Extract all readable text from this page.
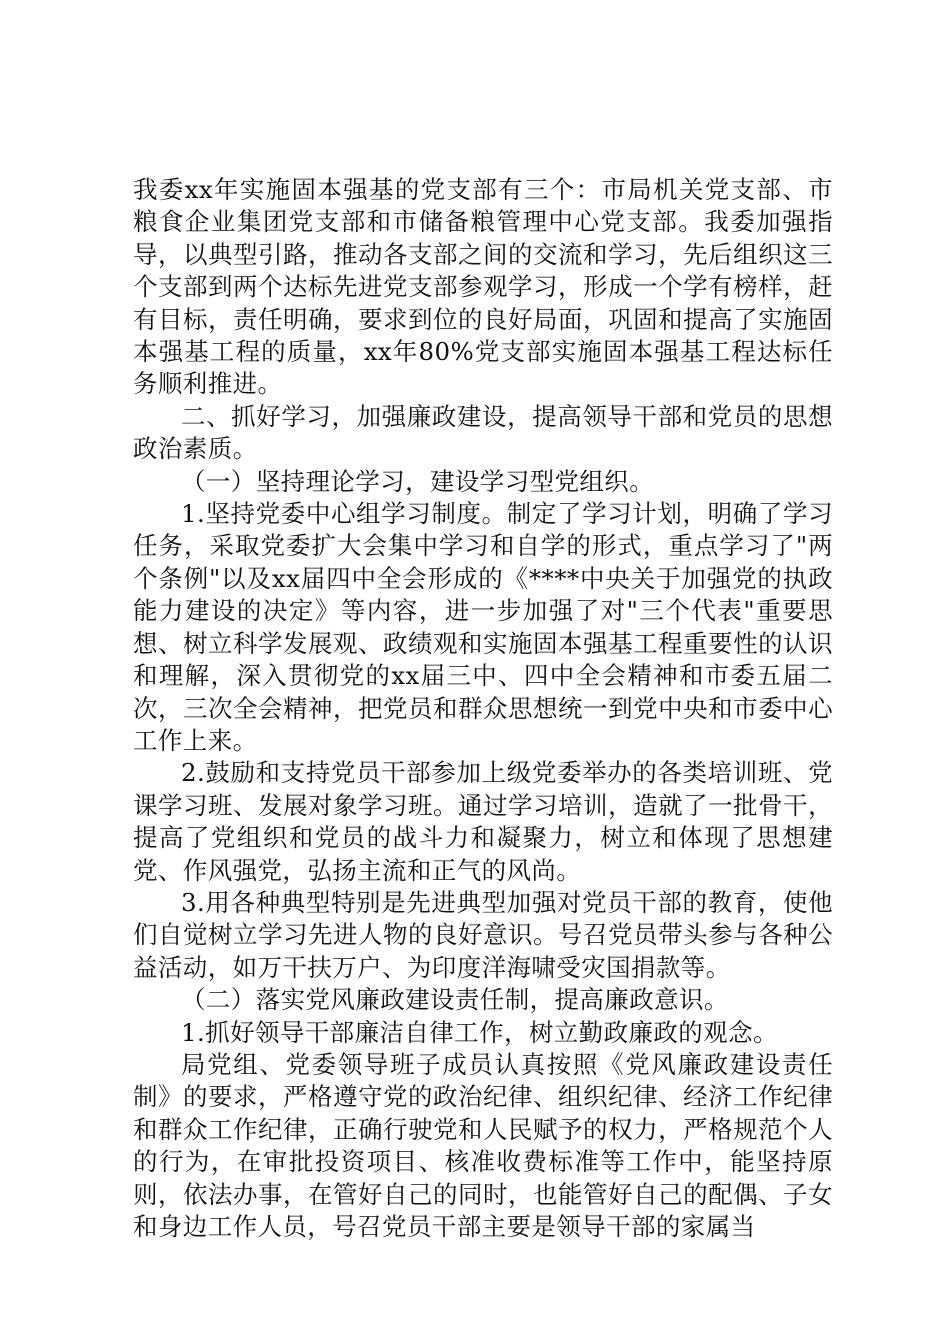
我委xx年实施固本强基的党支部有三个：市局机关党支部、市粮食企业集团党支部和市储备粮管理中心党支部。我委加强指导，以典型引路，推动各支部之间的交流和学习，先后组织这三个支部到两个达标先进党支部参观学习，形成一个学有榜样，赶有目标，责任明确，要求到位的良好局面，巩固和提高了实施固本强基工程的质量，xx年80%党支部实施固本强基工程达标任务顺利推进。

二、抓好学习，加强廉政建设，提高领导干部和党员的思想政治素质。

（一）坚持理论学习，建设学习型党组织。

1.坚持党委中心组学习制度。制定了学习计划，明确了学习任务，采取党委扩大会集中学习和自学的形式，重点学习了"两个条例"以及xx届四中全会形成的《****中央关于加强党的执政能力建设的决定》等内容，进一步加强了对"三个代表"重要思想、树立科学发展观、政绩观和实施固本强基工程重要性的认识和理解，深入贯彻党的xx届三中、四中全会精神和市委五届二次，三次全会精神，把党员和群众思想统一到党中央和市委中心工作上来。

2.鼓励和支持党员干部参加上级党委举办的各类培训班、党课学习班、发展对象学习班。通过学习培训，造就了一批骨干，提高了党组织和党员的战斗力和凝聚力，树立和体现了思想建党、作风强党，弘扬主流和正气的风尚。

3.用各种典型特别是先进典型加强对党员干部的教育，使他们自觉树立学习先进人物的良好意识。号召党员带头参与各种公益活动，如万干扶万户、为印度洋海啸受灾国捐款等。

（二）落实党风廉政建设责任制，提高廉政意识。

1.抓好领导干部廉洁自律工作，树立勤政廉政的观念。

局党组、党委领导班子成员认真按照《党风廉政建设责任制》的要求，严格遵守党的政治纪律、组织纪律、经济工作纪律和群众工作纪律，正确行驶党和人民赋予的权力，严格规范个人的行为，在审批投资项目、核准收费标准等工作中，能坚持原则，依法办事，在管好自己的同时，也能管好自己的配偶、子女和身边工作人员，号召党员干部主要是领导干部的家属当
